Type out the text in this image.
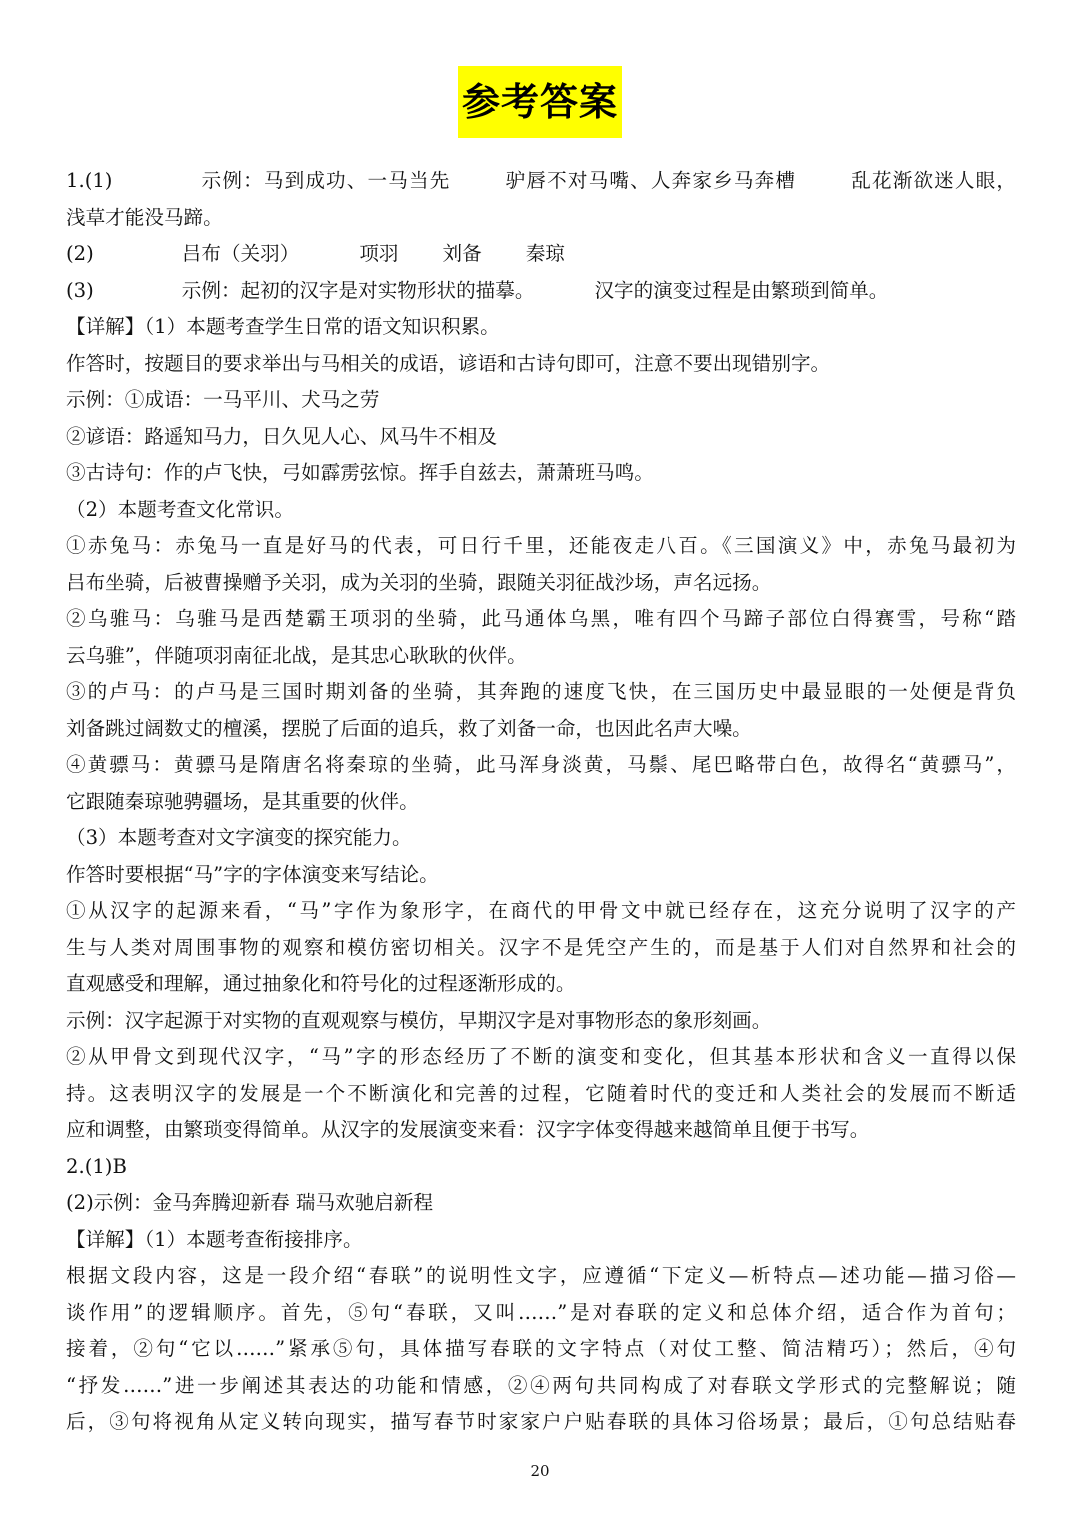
参考答案
1.(1)	示例：马到成功、一马当先	驴唇不对马嘴、人奔家乡马奔槽	乱花渐欲迷人眼，
浅草才能没马蹄。
(2)	吕布（关羽）	项羽 刘备 秦琼
(3)	示例：起初的汉字是对实物形状的描摹。	汉字的演变过程是由繁琐到简单。
【详解】（1）本题考查学生日常的语文知识积累。
作答时，按题目的要求举出与马相关的成语，谚语和古诗句即可，注意不要出现错别字。
示例：①成语：一马平川、犬马之劳
②谚语：路遥知马力，日久见人心、风马牛不相及
③古诗句：作的卢飞快，弓如霹雳弦惊。挥手自兹去，萧萧班马鸣。
（2）本题考查文化常识。
①赤兔马：赤兔马一直是好马的代表，可日行千里，还能夜走八百。《三国演义》中，赤兔马最初为
吕布坐骑，后被曹操赠予关羽，成为关羽的坐骑，跟随关羽征战沙场，声名远扬。
②乌骓马：乌骓马是西楚霸王项羽的坐骑，此马通体乌黑，唯有四个马蹄子部位白得赛雪，号称“踏
云乌骓”，伴随项羽南征北战，是其忠心耿耿的伙伴。
③的卢马：的卢马是三国时期刘备的坐骑，其奔跑的速度飞快，在三国历史中最显眼的一处便是背负
刘备跳过阔数丈的檀溪，摆脱了后面的追兵，救了刘备一命，也因此名声大噪。
④黄骠马：黄骠马是隋唐名将秦琼的坐骑，此马浑身淡黄，马鬃、尾巴略带白色，故得名“黄骠马”，
它跟随秦琼驰骋疆场，是其重要的伙伴。
（3）本题考查对文字演变的探究能力。
作答时要根据“马”字的字体演变来写结论。
①从汉字的起源来看，“马”字作为象形字，在商代的甲骨文中就已经存在，这充分说明了汉字的产
生与人类对周围事物的观察和模仿密切相关。汉字不是凭空产生的，而是基于人们对自然界和社会的
直观感受和理解，通过抽象化和符号化的过程逐渐形成的。
示例：汉字起源于对实物的直观观察与模仿，早期汉字是对事物形态的象形刻画。
②从甲骨文到现代汉字，“马”字的形态经历了不断的演变和变化，但其基本形状和含义一直得以保
持。这表明汉字的发展是一个不断演化和完善的过程，它随着时代的变迁和人类社会的发展而不断适
应和调整，由繁琐变得简单。从汉字的发展演变来看：汉字字体变得越来越简单且便于书写。
2.(1)B
(2)示例：金马奔腾迎新春 瑞马欢驰启新程
【详解】（1）本题考查衔接排序。
根据文段内容，这是一段介绍“春联”的说明性文字，应遵循“下定义—析特点—述功能—描习俗—
谈作用”的逻辑顺序。首先，⑤句“春联，又叫……”是对春联的定义和总体介绍，适合作为首句；
接着，②句“它以……”紧承⑤句，具体描写春联的文字特点（对仗工整、简洁精巧）；然后，④句
“抒发……”进一步阐述其表达的功能和情感，②④两句共同构成了对春联文学形式的完整解说；随
后，③句将视角从定义转向现实，描写春节时家家户户贴春联的具体习俗场景；最后，①句总结贴春
20
